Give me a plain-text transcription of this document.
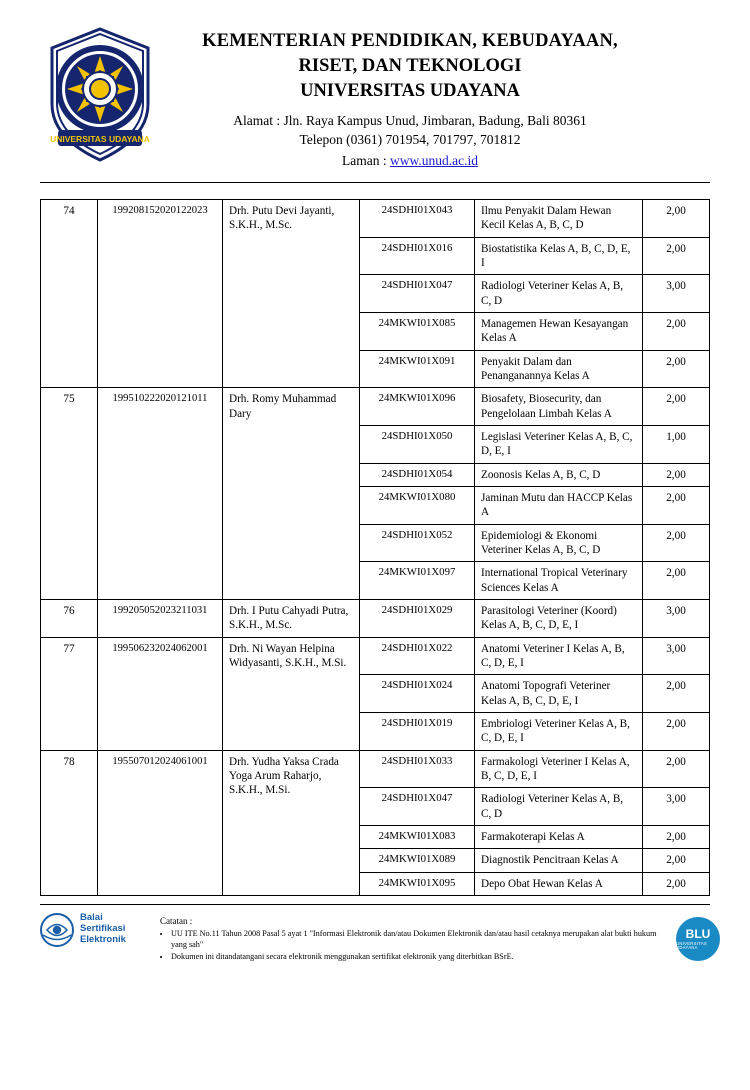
UNIVERSITAS UDAYANA
KEMENTERIAN PENDIDIKAN, KEBUDAYAAN,
RISET, DAN TEKNOLOGI
UNIVERSITAS UDAYANA
Alamat : Jln. Raya Kampus Unud, Jimbaran, Badung, Bali 80361
Telepon (0361) 701954, 701797, 701812
Laman : www.unud.ac.id
74	199208152020122023	Drh. Putu Devi Jayanti, S.K.H., M.Sc.	24SDHI01X043	Ilmu Penyakit Dalam Hewan Kecil Kelas A, B, C, D	2,00
			24SDHI01X016	Biostatistika Kelas A, B, C, D, E, I	2,00
			24SDHI01X047	Radiologi Veteriner Kelas A, B, C, D	3,00
			24MKWI01X085	Managemen Hewan Kesayangan Kelas A	2,00
			24MKWI01X091	Penyakit Dalam dan Penanganannya Kelas A	2,00
75	199510222020121011	Drh. Romy Muhammad Dary	24MKWI01X096	Biosafety, Biosecurity, dan Pengelolaan Limbah Kelas A	2,00
			24SDHI01X050	Legislasi Veteriner Kelas A, B, C, D, E, I	1,00
			24SDHI01X054	Zoonosis Kelas A, B, C, D	2,00
			24MKWI01X080	Jaminan Mutu dan HACCP Kelas A	2,00
			24SDHI01X052	Epidemiologi & Ekonomi Veteriner Kelas A, B, C, D	2,00
			24MKWI01X097	International Tropical Veterinary Sciences Kelas A	2,00
76	199205052023211031	Drh. I Putu Cahyadi Putra, S.K.H., M.Sc.	24SDHI01X029	Parasitologi Veteriner (Koord) Kelas A, B, C, D, E, I	3,00
77	199506232024062001	Drh. Ni Wayan Helpina Widyasanti, S.K.H., M.Si.	24SDHI01X022	Anatomi Veteriner I Kelas A, B, C, D, E, I	3,00
			24SDHI01X024	Anatomi Topografi Veteriner Kelas A, B, C, D, E, I	2,00
			24SDHI01X019	Embriologi Veteriner Kelas A, B, C, D, E, I	2,00
78	195507012024061001	Drh. Yudha Yaksa Crada Yoga Arum Raharjo, S.K.H., M.Si.	24SDHI01X033	Farmakologi Veteriner I Kelas A, B, C, D, E, I	2,00
			24SDHI01X047	Radiologi Veteriner Kelas A, B, C, D	3,00
			24MKWI01X083	Farmakoterapi Kelas A	2,00
			24MKWI01X089	Diagnostik Pencitraan Kelas A	2,00
			24MKWI01X095	Depo Obat Hewan Kelas A	2,00
Balai
Sertifikasi
Elektronik
Catatan :
• UU ITE No.11 Tahun 2008 Pasal 5 ayat 1 "Informasi Elektronik dan/atau Dokumen Elektronik dan/atau hasil cetaknya merupakan alat bukti hukum yang sah"
• Dokumen ini ditandatangani secara elektronik menggunakan sertifikat elektronik yang diterbitkan BSrE.
BLU
UNIVERSITAS UDAYANA
